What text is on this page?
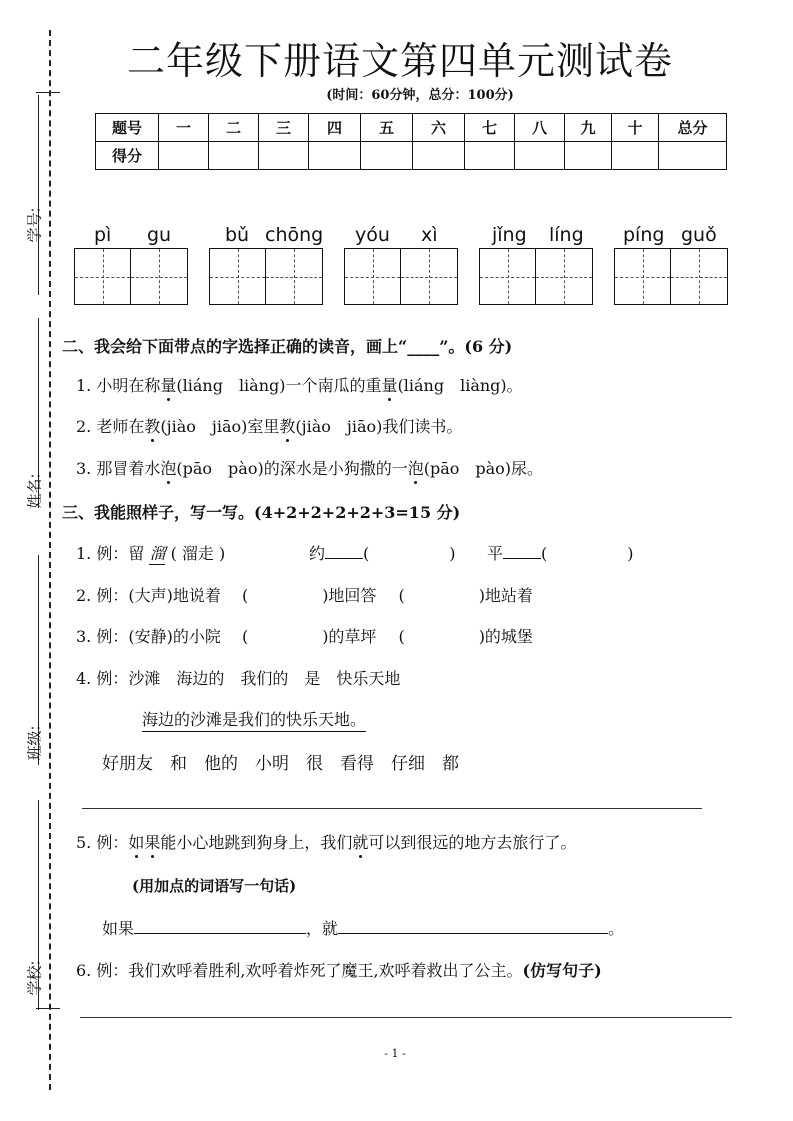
学号:
姓名:
班级:
学校:
二年级下册语文第四单元测试卷
(时间：60分钟，总分：100分)
题号	一	二	三	四	五	六	七	八	九	十	总分
得分											
pì gu	bǔ chōng yóu xì	jǐng líng píng guǒ
二、我会给下面带点的字选择正确的读音，画上“____”。(6 分)
1. 小明在称量(liáng　liàng)一个南瓜的重量(liáng　liàng)。
2. 老师在教(jiào　jiāo)室里教(jiào　jiāo)我们读书。
3. 那冒着水泡(pāo　pào)的深水是小狗撒的一泡(pāo　pào)尿。
三、我能照样子，写一写。(4+2+2+2+2+3=15 分)
1. 例：留 溜 ( 溜走 )	约 (	) 平 (	)
2. 例：(大声)地说着 (	)地回答 (	)地站着
3. 例：(安静)的小院 (	)的草坪 (	)的城堡
4. 例：沙滩　海边的　我们的　是　快乐天地
海边的沙滩是我们的快乐天地。
好朋友　和　他的　小明　很　看得　仔细　都
5. 例：如果能小心地跳到狗身上，我们就可以到很远的地方去旅行了。
(用加点的词语写一句话)
如果	，就	。
6. 例：我们欢呼着胜利,欢呼着炸死了魔王,欢呼着救出了公主。(仿写句子)
- 1 -
